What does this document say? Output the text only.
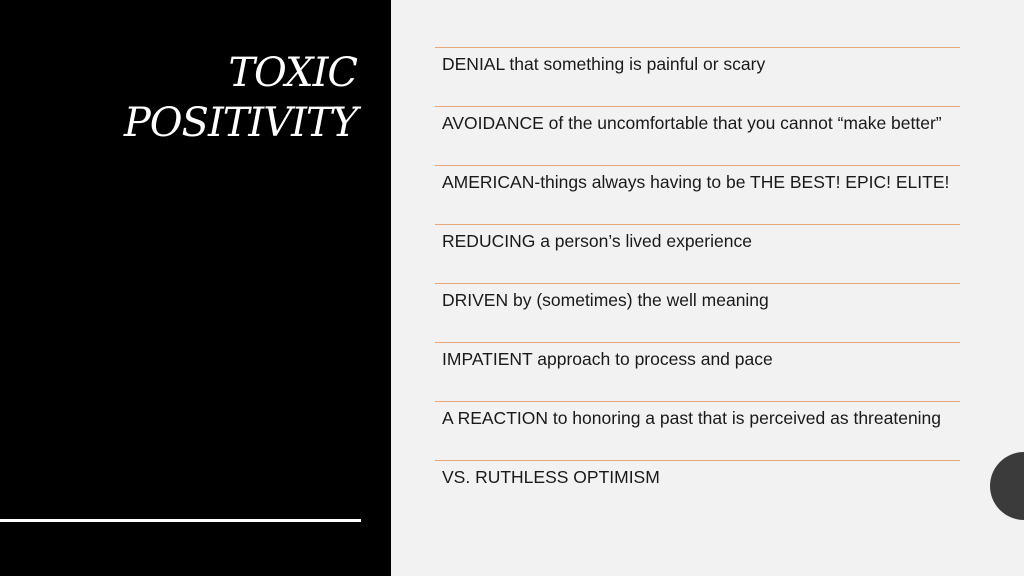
TOXIC
POSITIVITY
DENIAL that something is painful or scary
AVOIDANCE of the uncomfortable that you cannot “make better”
AMERICAN-things always having to be THE BEST! EPIC! ELITE!
REDUCING a person’s lived experience
DRIVEN by (sometimes) the well meaning
IMPATIENT approach to process and pace
A REACTION to honoring a past that is perceived as threatening
VS. RUTHLESS OPTIMISM
